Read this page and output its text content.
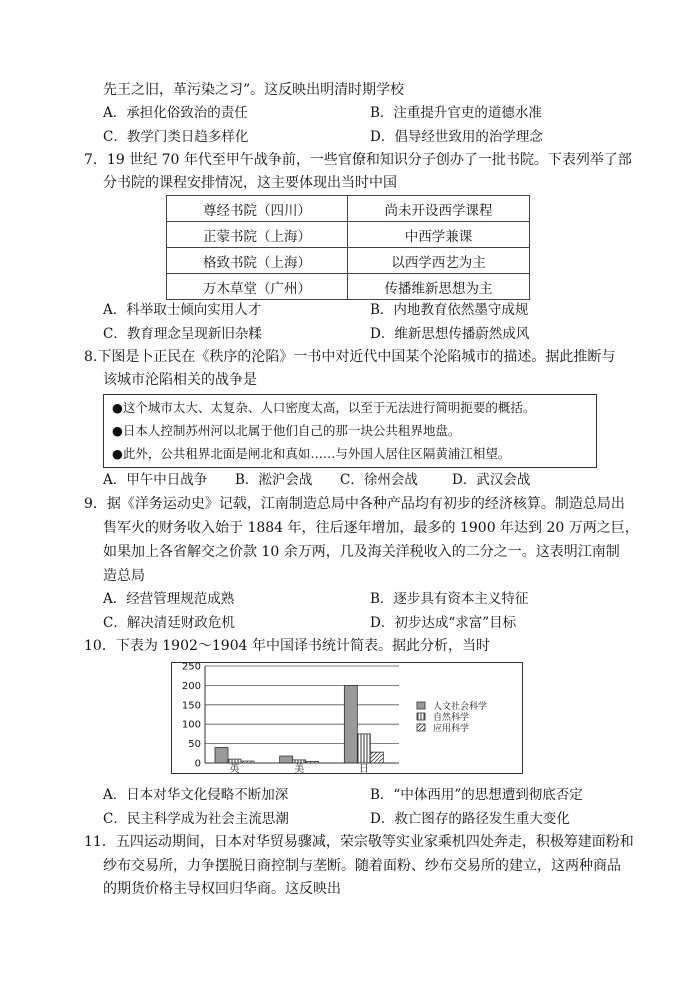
先王之旧，革污染之习”。这反映出明清时期学校
A．承担化俗致治的责任	B．注重提升官吏的道德水准
C．教学门类日趋多样化	D．倡导经世致用的治学理念
7．19 世纪 70 年代至甲午战争前，一些官僚和知识分子创办了一批书院。下表列举了部
分书院的课程安排情况，这主要体现出当时中国
尊经书院（四川）	尚未开设西学课程
正蒙书院（上海）	中西学兼课
格致书院（上海）	以西学西艺为主
万木草堂（广州）	传播维新思想为主
A．科举取士倾向实用人才	B．内地教育依然墨守成规
C．教育理念呈现新旧杂糅	D．维新思想传播蔚然成风
8.下图是卜正民在《秩序的沦陷》一书中对近代中国某个沦陷城市的描述。据此推断与
该城市沦陷相关的战争是
●这个城市太大、太复杂、人口密度太高，以至于无法进行简明扼要的概括。
●日本人控制苏州河以北属于他们自己的那一块公共租界地盘。
●此外，公共租界北面是闸北和真如……与外国人居住区隔黄浦江相望。
A．甲午中日战争 B．淞沪会战 C．徐州会战	D．武汉会战
9．据《洋务运动史》记载，江南制造总局中各种产品均有初步的经济核算。制造总局出
售军火的财务收入始于 1884 年，往后逐年增加，最多的 1900 年达到 20 万两之巨，
如果加上各省解交之价款 10 余万两，几及海关洋税收入的二分之一。这表明江南制
造总局
A．经营管理规范成熟	B．逐步具有资本主义特征
C．解决清廷财政危机	D．初步达成“求富”目标
10．下表为 1902～1904 年中国译书统计简表。据此分析，当时
0
50
100
150
200
250
英	美	日
人文社会科学
自然科学
应用科学
A．日本对华文化侵略不断加深	B．“中体西用”的思想遭到彻底否定
C．民主科学成为社会主流思潮	D．救亡图存的路径发生重大变化
11．五四运动期间，日本对华贸易骤减，荣宗敬等实业家乘机四处奔走，积极筹建面粉和
纱布交易所，力争摆脱日商控制与垄断。随着面粉、纱布交易所的建立，这两种商品
的期货价格主导权回归华商。这反映出
